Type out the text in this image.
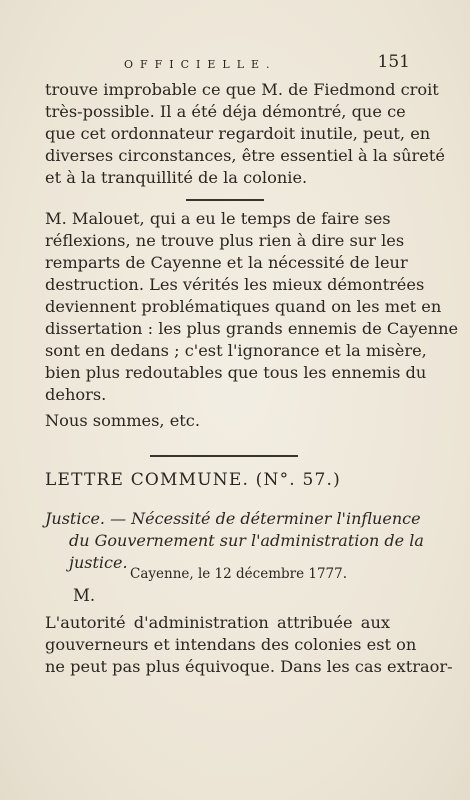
OFFICIELLE.	151
trouve improbable ce que M. de Fiedmond croit
très-possible. Il a été déja démontré, que ce
que cet ordonnateur regardoit inutile, peut, en
diverses circonstances, être essentiel à la sûreté
et à la tranquillité de la colonie.
M. Malouet, qui a eu le temps de faire ses
réflexions, ne trouve plus rien à dire sur les
remparts de Cayenne et la nécessité de leur
destruction. Les vérités les mieux démontrées
deviennent problématiques quand on les met en
dissertation : les plus grands ennemis de Cayenne
sont en dedans ; c'est l'ignorance et la misère,
bien plus redoutables que tous les ennemis du
dehors.
Nous sommes, etc.
LETTRE COMMUNE. (N°. 57.)
Justice. — Nécessité de déterminer l'influence
du Gouvernement sur l'administration de la
justice.
Cayenne, le 12 décembre 1777.
M.
L'autorité d'administration attribuée aux
gouverneurs et intendans des colonies est on
ne peut pas plus équivoque. Dans les cas extraor-
